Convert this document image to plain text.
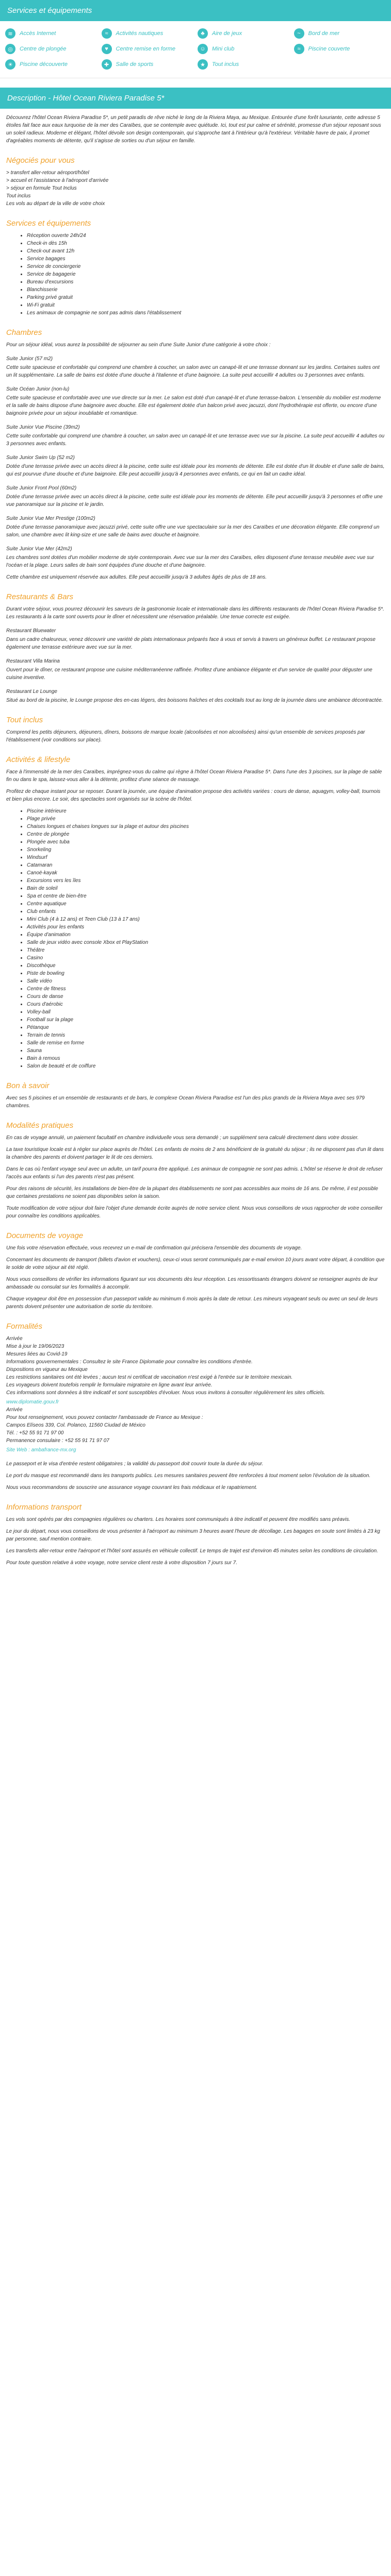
Services et équipements
≋	Accès Internet	≈	Activités nautiques	♣	Aire de jeux	~	Bord de mer
◎	Centre de plongée	♥	Centre remise en forme	☺	Mini club	≈	Piscine couverte
☀	Piscine découverte	✚	Salle de sports	★	Tout inclus
Description - Hôtel Ocean Riviera Paradise 5*

Découvrez l'hôtel Ocean Riviera Paradise 5*, un petit paradis de rêve niché le long de la Riviera Maya, au Mexique. Entourée d'une forêt luxuriante, cette adresse 5 étoiles fait face aux eaux turquoise de la mer des Caraïbes, que se contemple avec quiétude. Ici, tout est pur calme et sérénité, promesse d'un séjour reposant sous un soleil radieux. Moderne et élégant, l'hôtel dévoile son design contemporain, qui s'approche tant à l'intérieur qu'à l'extérieur. Véritable havre de paix, il promet d'agréables moments de détente, qu'il s'agisse de sorties ou d'un séjour en famille.

Négociés pour vous
> transfert aller-retour aéroport/hôtel
> accueil et l'assistance à l'aéroport d'arrivée
> séjour en formule Tout Inclus
Tout inclus
Les vols au départ de la ville de votre choix
Services et équipements
• Réception ouverte 24h/24
• Check-in dès 15h
• Check-out avant 12h
• Service bagages
• Service de conciergerie
• Service de bagagerie
• Bureau d'excursions
• Blanchisserie
• Parking privé gratuit
• Wi-Fi gratuit
• Les animaux de compagnie ne sont pas admis dans l'établissement
Chambres

Pour un séjour idéal, vous aurez la possibilité de séjourner au sein d'une Suite Junior d'une catégorie à votre choix :

Suite Junior (57 m2)

Cette suite spacieuse et confortable qui comprend une chambre à coucher, un salon avec un canapé-lit et une terrasse donnant sur les jardins. Certaines suites ont un lit supplémentaire. La salle de bains est dotée d'une douche à l'italienne et d'une baignoire. La suite peut accueillir 4 adultes ou 3 personnes avec enfants.

Suite Océan Junior (non-lu)

Cette suite spacieuse et confortable avec une vue directe sur la mer. Le salon est doté d'un canapé-lit et d'une terrasse-balcon. L'ensemble du mobilier est moderne et la salle de bains dispose d'une baignoire avec douche. Elle est également dotée d'un balcon privé avec jacuzzi, dont l'hydrothérapie est offerte, ou encore d'une baignoire privée pour un séjour inoubliable et romantique.

Suite Junior Vue Piscine (39m2)

Cette suite confortable qui comprend une chambre à coucher, un salon avec un canapé-lit et une terrasse avec vue sur la piscine. La suite peut accueillir 4 adultes ou 3 personnes avec enfants.

Suite Junior Swim Up (52 m2)

Dotée d'une terrasse privée avec un accès direct à la piscine, cette suite est idéale pour les moments de détente. Elle est dotée d'un lit double et d'une salle de bains, qui est pourvue d'une douche et d'une baignoire. Elle peut accueillir jusqu'à 4 personnes avec enfants, ce qui en fait un cadre idéal.

Suite Junior Front Pool (60m2)

Dotée d'une terrasse privée avec un accès direct à la piscine, cette suite est idéale pour les moments de détente. Elle peut accueillir jusqu'à 3 personnes et offre une vue panoramique sur la piscine et le jardin.

Suite Junior Vue Mer Prestige (100m2)

Dotée d'une terrasse panoramique avec jacuzzi privé, cette suite offre une vue spectaculaire sur la mer des Caraïbes et une décoration élégante. Elle comprend un salon, une chambre avec lit king-size et une salle de bains avec douche et baignoire.

Suite Junior Vue Mer (42m2)

Les chambres sont dotées d'un mobilier moderne de style contemporain. Avec vue sur la mer des Caraïbes, elles disposent d'une terrasse meublée avec vue sur l'océan et la plage. Leurs salles de bain sont équipées d'une douche et d'une baignoire.

Cette chambre est uniquement réservée aux adultes. Elle peut accueillir jusqu'à 3 adultes âgés de plus de 18 ans.

Restaurants & Bars

Durant votre séjour, vous pourrez découvrir les saveurs de la gastronomie locale et internationale dans les différents restaurants de l'hôtel Ocean Riviera Paradise 5*. Les restaurants à la carte sont ouverts pour le dîner et nécessitent une réservation préalable. Une tenue correcte est exigée.

Restaurant Bluewater

Dans un cadre chaleureux, venez découvrir une variété de plats internationaux préparés face à vous et servis à travers un généreux buffet. Le restaurant propose également une terrasse extérieure avec vue sur la mer.

Restaurant Villa Marina

Ouvert pour le dîner, ce restaurant propose une cuisine méditerranéenne raffinée. Profitez d'une ambiance élégante et d'un service de qualité pour déguster une cuisine inventive.

Restaurant Le Lounge

Situé au bord de la piscine, le Lounge propose des en-cas légers, des boissons fraîches et des cocktails tout au long de la journée dans une ambiance décontractée.

Tout inclus

Comprend les petits déjeuners, déjeuners, dîners, boissons de marque locale (alcoolisées et non alcoolisées) ainsi qu'un ensemble de services proposés par l'établissement (voir conditions sur place).

Activités & lifestyle

Face à l'immensité de la mer des Caraïbes, imprégnez-vous du calme qui règne à l'hôtel Ocean Riviera Paradise 5*. Dans l'une des 3 piscines, sur la plage de sable fin ou dans le spa, laissez-vous aller à la détente, profitez d'une séance de massage.

Profitez de chaque instant pour se reposer. Durant la journée, une équipe d'animation propose des activités variées : cours de danse, aquagym, volley-ball, tournois et bien plus encore. Le soir, des spectacles sont organisés sur la scène de l'hôtel.

• Piscine intérieure
• Plage privée
• Chaises longues et chaises longues sur la plage et autour des piscines
• Centre de plongée
• Plongée avec tuba
• Snorkeling
• Windsurf
• Catamaran
• Canoë-kayak
• Excursions vers les îles
• Bain de soleil
• Spa et centre de bien-être
• Centre aquatique
• Club enfants
• Mini Club (4 à 12 ans) et Teen Club (13 à 17 ans)
• Activités pour les enfants
• Équipe d'animation
• Salle de jeux vidéo avec console Xbox et PlayStation
• Théâtre
• Casino
• Discothèque
• Piste de bowling
• Salle vidéo
• Centre de fitness
• Cours de danse
• Cours d'aérobic
• Volley-ball
• Football sur la plage
• Pétanque
• Terrain de tennis
• Salle de remise en forme
• Sauna
• Bain à remous
• Salon de beauté et de coiffure
Bon à savoir

Avec ses 5 piscines et un ensemble de restaurants et de bars, le complexe Ocean Riviera Paradise est l'un des plus grands de la Riviera Maya avec ses 979 chambres.

Modalités pratiques

En cas de voyage annulé, un paiement facultatif en chambre individuelle vous sera demandé ; un supplément sera calculé directement dans votre dossier.

La taxe touristique locale est à régler sur place auprès de l'hôtel. Les enfants de moins de 2 ans bénéficient de la gratuité du séjour ; ils ne disposent pas d'un lit dans la chambre des parents et doivent partager le lit de ces derniers.

Dans le cas où l'enfant voyage seul avec un adulte, un tarif pourra être appliqué. Les animaux de compagnie ne sont pas admis. L'hôtel se réserve le droit de refuser l'accès aux enfants si l'un des parents n'est pas présent.

Pour des raisons de sécurité, les installations de bien-être de la plupart des établissements ne sont pas accessibles aux moins de 16 ans. De même, il est possible que certaines prestations ne soient pas disponibles selon la saison.

Toute modification de votre séjour doit faire l'objet d'une demande écrite auprès de notre service client. Nous vous conseillons de vous rapprocher de votre conseiller pour connaître les conditions applicables.

Documents de voyage

Une fois votre réservation effectuée, vous recevrez un e-mail de confirmation qui précisera l'ensemble des documents de voyage.

Concernant les documents de transport (billets d'avion et vouchers), ceux-ci vous seront communiqués par e-mail environ 10 jours avant votre départ, à condition que le solde de votre séjour ait été réglé.

Nous vous conseillons de vérifier les informations figurant sur vos documents dès leur réception. Les ressortissants étrangers doivent se renseigner auprès de leur ambassade ou consulat sur les formalités à accomplir.

Chaque voyageur doit être en possession d'un passeport valide au minimum 6 mois après la date de retour. Les mineurs voyageant seuls ou avec un seul de leurs parents doivent présenter une autorisation de sortie du territoire.

Formalités
Arrivée
Mise à jour le 19/06/2023
Mesures liées au Covid-19
Informations gouvernementales : Consultez le site France Diplomatie pour connaître les conditions d'entrée.
Dispositions en vigueur au Mexique
Les restrictions sanitaires ont été levées ; aucun test ni certificat de vaccination n'est exigé à l'entrée sur le territoire mexicain.
Les voyageurs doivent toutefois remplir le formulaire migratoire en ligne avant leur arrivée.
Ces informations sont données à titre indicatif et sont susceptibles d'évoluer. Nous vous invitons à consulter régulièrement les sites officiels.
www.diplomatie.gouv.fr
Arrivée
Pour tout renseignement, vous pouvez contacter l'ambassade de France au Mexique :
Campos Elíseos 339, Col. Polanco, 11560 Ciudad de México
Tél. : +52 55 91 71 97 00
Permanence consulaire : +52 55 91 71 97 07
Site Web : ambafrance-mx.org

Le passeport et le visa d'entrée restent obligatoires ; la validité du passeport doit couvrir toute la durée du séjour.

Le port du masque est recommandé dans les transports publics. Les mesures sanitaires peuvent être renforcées à tout moment selon l'évolution de la situation.

Nous vous recommandons de souscrire une assurance voyage couvrant les frais médicaux et le rapatriement.

Informations transport

Les vols sont opérés par des compagnies régulières ou charters. Les horaires sont communiqués à titre indicatif et peuvent être modifiés sans préavis.

Le jour du départ, nous vous conseillons de vous présenter à l'aéroport au minimum 3 heures avant l'heure de décollage. Les bagages en soute sont limités à 23 kg par personne, sauf mention contraire.

Les transferts aller-retour entre l'aéroport et l'hôtel sont assurés en véhicule collectif. Le temps de trajet est d'environ 45 minutes selon les conditions de circulation.

Pour toute question relative à votre voyage, notre service client reste à votre disposition 7 jours sur 7.
